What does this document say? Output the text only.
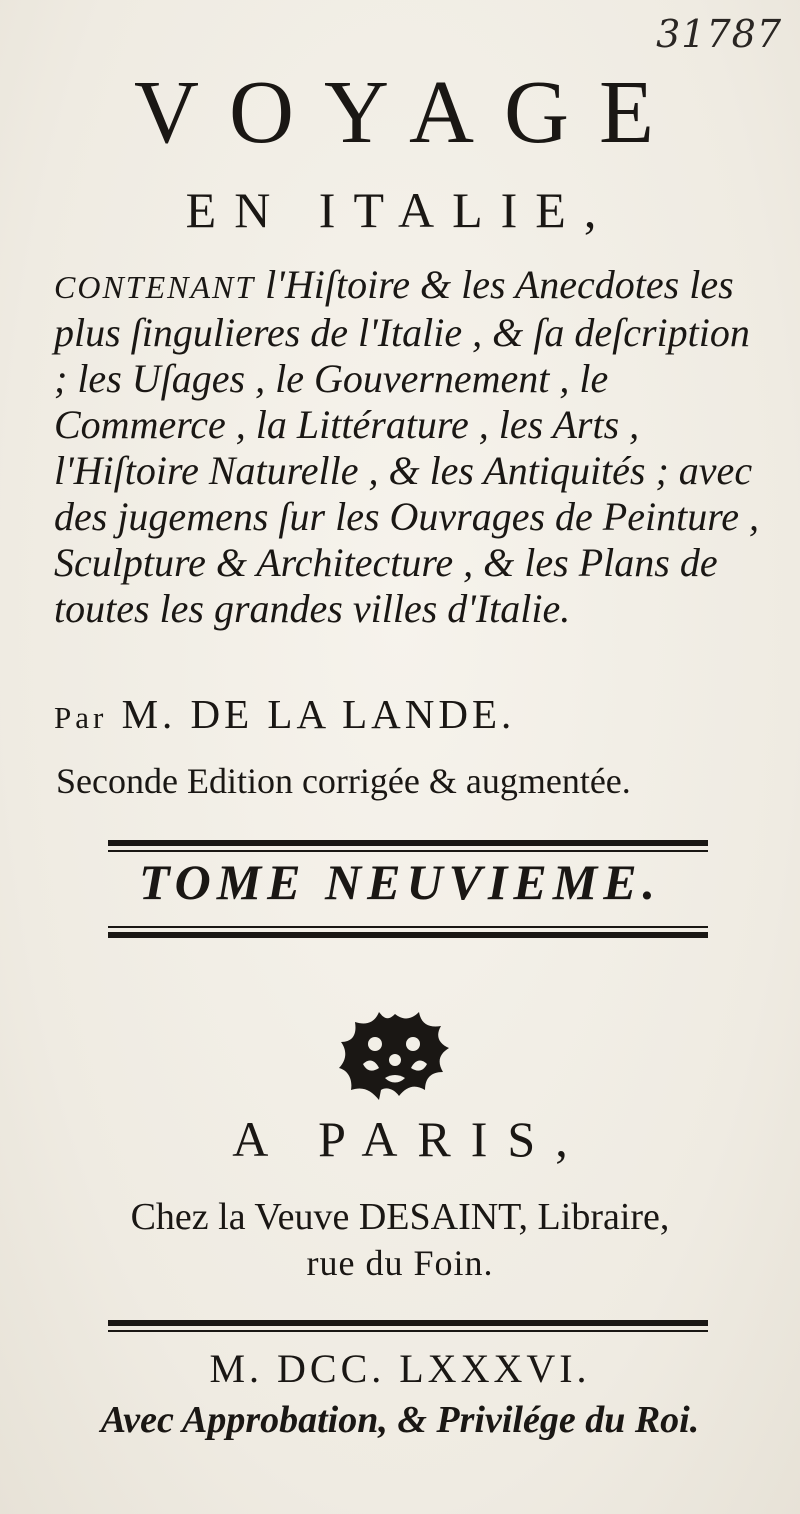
31787
VOYAGE
EN ITALIE,
CONTENANT l'Hiſtoire & les Anecdotes les plus ſingulieres de l'Italie , & ſa deſcription ; les Uſages , le Gouvernement , le Commerce , la Littérature , les Arts , l'Hiſtoire Naturelle , & les Antiquités ; avec des jugemens ſur les Ouvrages de Peinture , Sculpture & Architecture , & les Plans de toutes les grandes villes d'Italie.
Par M. DE LA LANDE.
Seconde Edition corrigée & augmentée.
TOME NEUVIEME.
A PARIS,
Chez la Veuve DESAINT, Libraire,
rue du Foin.
M. DCC. LXXXVI.
Avec Approbation, & Privilége du Roi.
